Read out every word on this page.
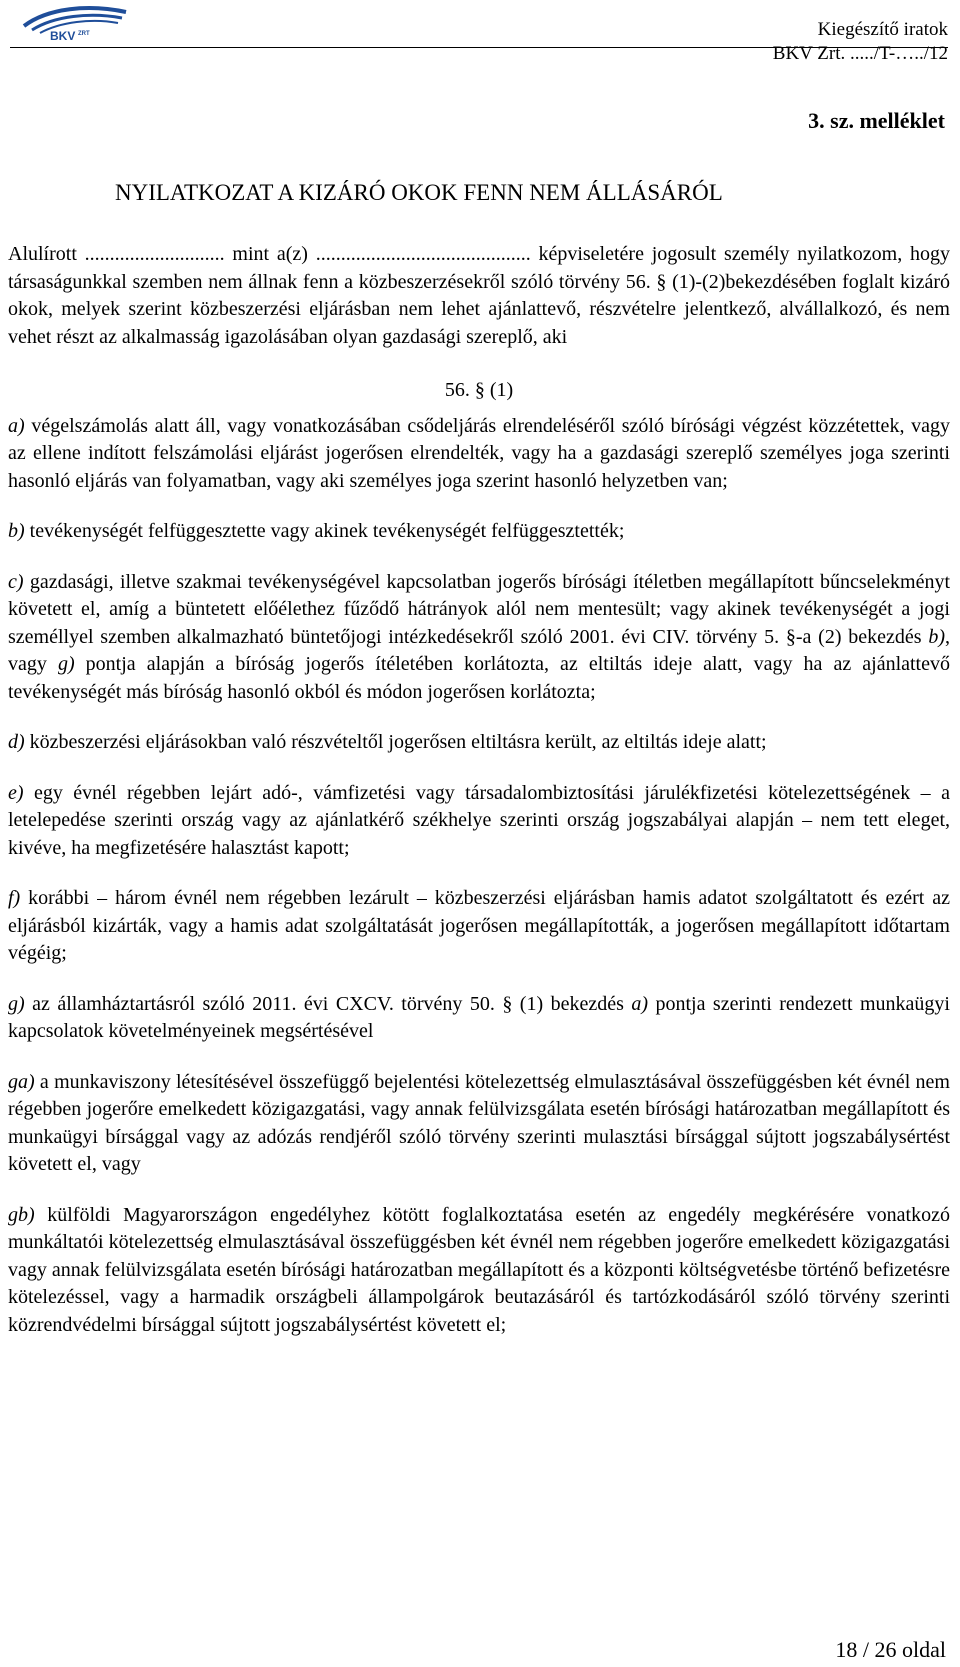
BKV ZRT	Kiegészítő iratok
BKV Zrt. ...../T-…../12
3. sz. melléklet
NYILATKOZAT A KIZÁRÓ OKOK FENN NEM ÁLLÁSÁRÓL

Alulírott ............................ mint a(z) ........................................... képviseletére jogosult személy nyilatkozom, hogy társaságunkkal szemben nem állnak fenn a közbeszerzésekről szóló törvény 56. § (1)-(2)bekezdésében foglalt kizáró okok, melyek szerint közbeszerzési eljárásban nem lehet ajánlattevő, részvételre jelentkező, alvállalkozó, és nem vehet részt az alkalmasság igazolásában olyan gazdasági szereplő, aki

56. § (1)

a) végelszámolás alatt áll, vagy vonatkozásában csődeljárás elrendeléséről szóló bírósági végzést közzétettek, vagy az ellene indított felszámolási eljárást jogerősen elrendelték, vagy ha a gazdasági szereplő személyes joga szerinti hasonló eljárás van folyamatban, vagy aki személyes joga szerint hasonló helyzetben van;

b) tevékenységét felfüggesztette vagy akinek tevékenységét felfüggesztették;

c) gazdasági, illetve szakmai tevékenységével kapcsolatban jogerős bírósági ítéletben megállapított bűncselekményt követett el, amíg a büntetett előélethez fűződő hátrányok alól nem mentesült; vagy akinek tevékenységét a jogi személlyel szemben alkalmazható büntetőjogi intézkedésekről szóló 2001. évi CIV. törvény 5. §-a (2) bekezdés b), vagy g) pontja alapján a bíróság jogerős ítéletében korlátozta, az eltiltás ideje alatt, vagy ha az ajánlattevő tevékenységét más bíróság hasonló okból és módon jogerősen korlátozta;

d) közbeszerzési eljárásokban való részvételtől jogerősen eltiltásra került, az eltiltás ideje alatt;

e) egy évnél régebben lejárt adó-, vámfizetési vagy társadalombiztosítási járulékfizetési kötelezettségének – a letelepedése szerinti ország vagy az ajánlatkérő székhelye szerinti ország jogszabályai alapján – nem tett eleget, kivéve, ha megfizetésére halasztást kapott;

f) korábbi – három évnél nem régebben lezárult – közbeszerzési eljárásban hamis adatot szolgáltatott és ezért az eljárásból kizárták, vagy a hamis adat szolgáltatását jogerősen megállapították, a jogerősen megállapított időtartam végéig;

g) az államháztartásról szóló 2011. évi CXCV. törvény 50. § (1) bekezdés a) pontja szerinti rendezett munkaügyi kapcsolatok követelményeinek megsértésével

ga) a munkaviszony létesítésével összefüggő bejelentési kötelezettség elmulasztásával összefüggésben két évnél nem régebben jogerőre emelkedett közigazgatási, vagy annak felülvizsgálata esetén bírósági határozatban megállapított és munkaügyi bírsággal vagy az adózás rendjéről szóló törvény szerinti mulasztási bírsággal sújtott jogszabálysértést követett el, vagy

gb) külföldi Magyarországon engedélyhez kötött foglalkoztatása esetén az engedély megkérésére vonatkozó munkáltatói kötelezettség elmulasztásával összefüggésben két évnél nem régebben jogerőre emelkedett közigazgatási vagy annak felülvizsgálata esetén bírósági határozatban megállapított és a központi költségvetésbe történő befizetésre kötelezéssel, vagy a harmadik országbeli állampolgárok beutazásáról és tartózkodásáról szóló törvény szerinti közrendvédelmi bírsággal sújtott jogszabálysértést követett el;

18 / 26 oldal
